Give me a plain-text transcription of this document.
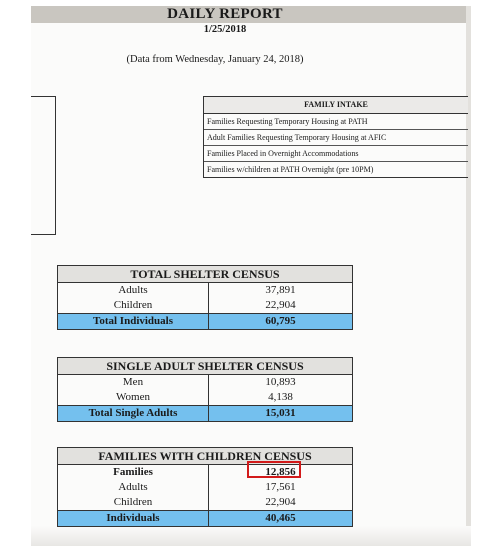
DAILY REPORT
1/25/2018
(Data from Wednesday, January 24, 2018)
FAMILY INTAKE
Families Requesting Temporary Housing at PATH
Adult Families Requesting Temporary Housing at AFIC
Families Placed in Overnight Accommodations
Families w/children at PATH Overnight (pre 10PM)
TOTAL SHELTER CENSUS
Adults	37,891
Children	22,904
Total Individuals	60,795
SINGLE ADULT SHELTER CENSUS
Men	10,893
Women	4,138
Total Single Adults	15,031
FAMILIES WITH CHILDREN CENSUS
Families	12,856
Adults	17,561
Children	22,904
Individuals	40,465
